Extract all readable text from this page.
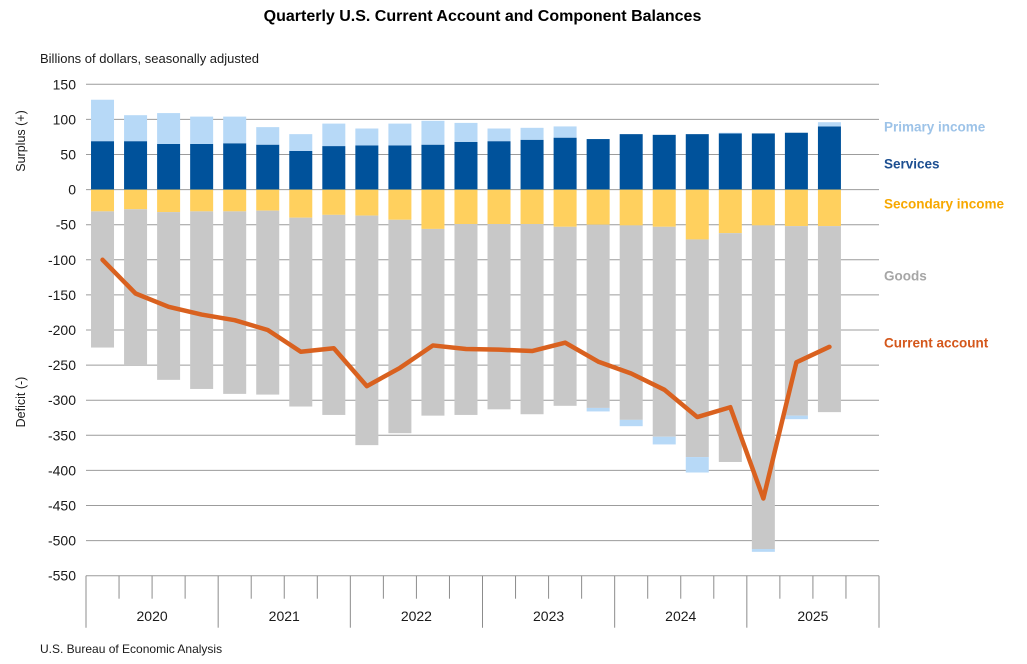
Quarterly U.S. Current Account and Component Balances
Billions of dollars, seasonally adjusted
Surplus (+)
Deficit (-)
150
100
50
0
-50
-100
-150
-200
-250
-300
-350
-400
-450
-500
-550
2020	2021	2022	2023	2024	2025
Primary income
Services
Secondary income
Goods
Current account
U.S. Bureau of Economic Analysis
